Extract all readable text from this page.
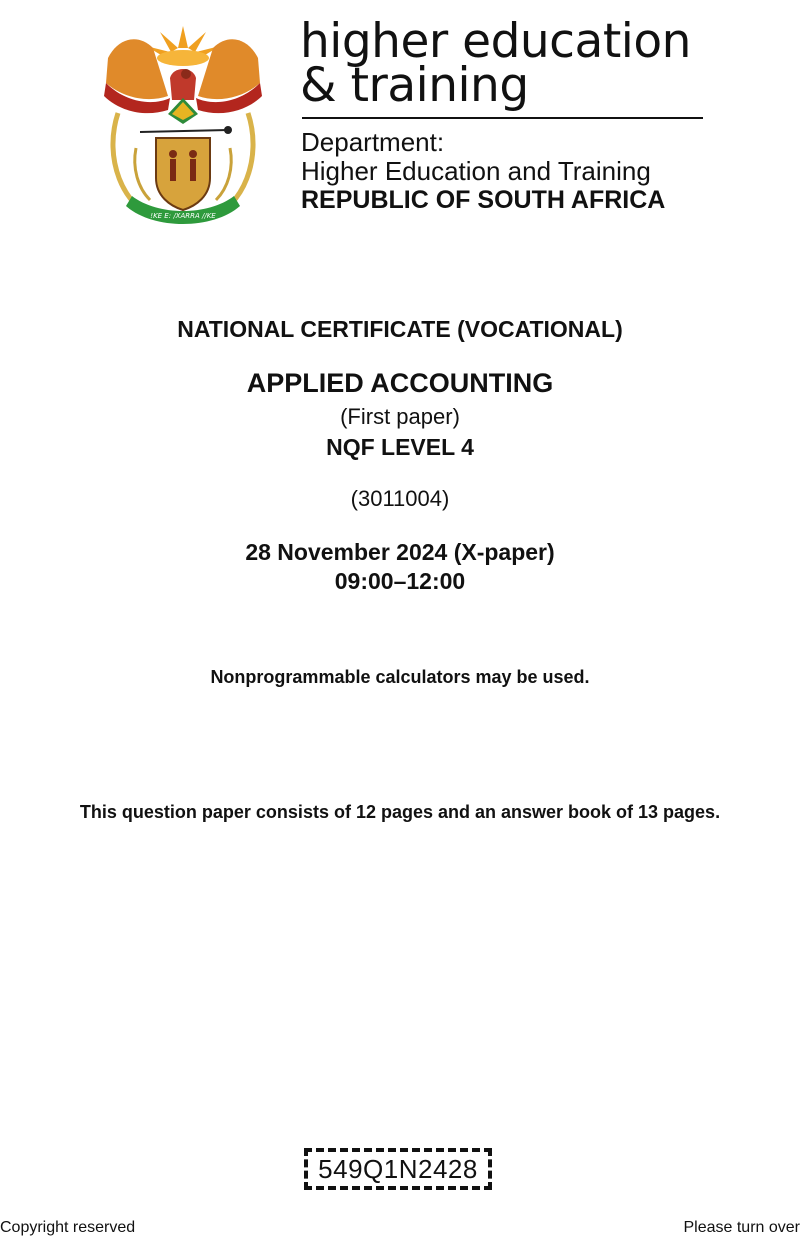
!KE E: /XARRA //KE
higher education
& training
Department:
Higher Education and Training
REPUBLIC OF SOUTH AFRICA
NATIONAL CERTIFICATE (VOCATIONAL)
APPLIED ACCOUNTING
(First paper)
NQF LEVEL 4
(3011004)
28 November 2024 (X-paper)
09:00–12:00
Nonprogrammable calculators may be used.
This question paper consists of 12 pages and an answer book of 13 pages.
549Q1N2428
Copyright reserved	Please turn over
